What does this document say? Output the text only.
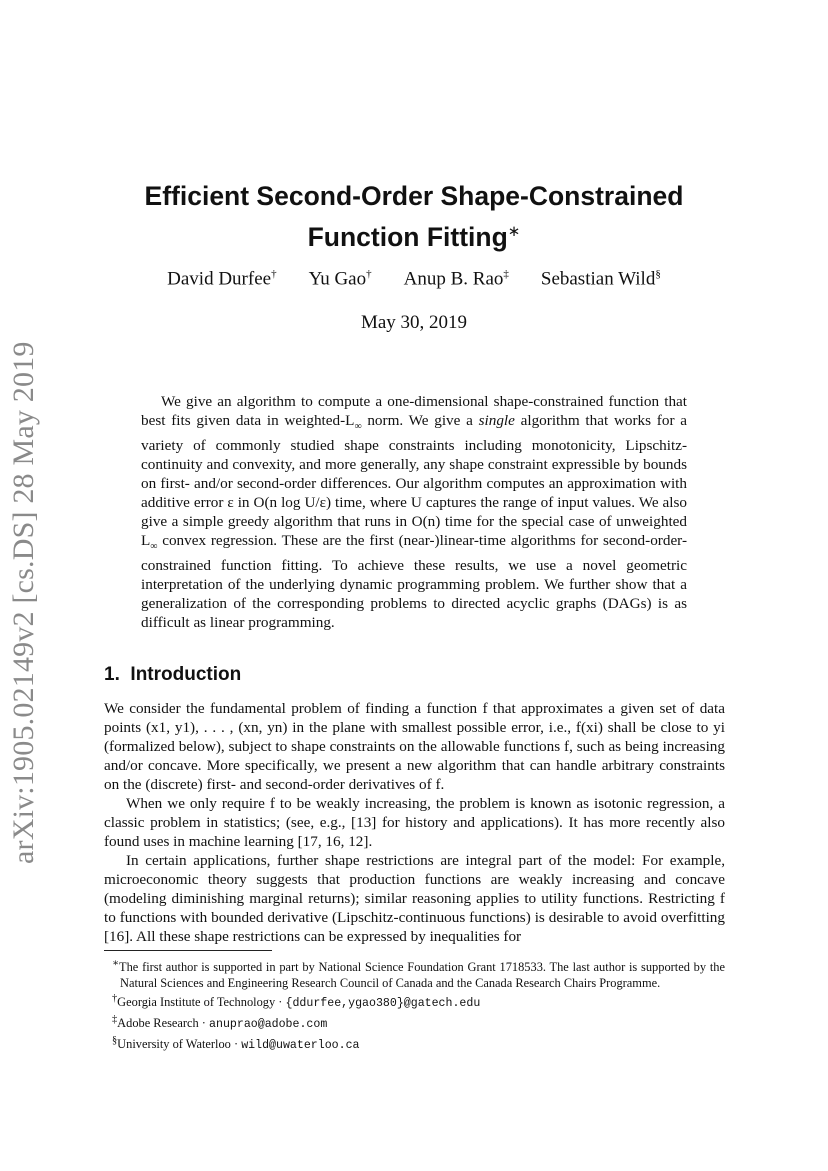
arXiv:1905.02149v2 [cs.DS] 28 May 2019
Efficient Second-Order Shape-Constrained
Function Fitting∗
David Durfee† Yu Gao† Anup B. Rao‡ Sebastian Wild§
May 30, 2019
We give an algorithm to compute a one-dimensional shape-constrained function that best fits given data in weighted-$L_\infty$ norm. We give a single algorithm that works for a variety of commonly studied shape constraints including monotonicity, Lipschitz-continuity and convexity, and more generally, any shape constraint expressible by bounds on first- and/or second-order differences. Our algorithm computes an approximation with additive error ε in O(n log U/ε) time, where U captures the range of input values. We also give a simple greedy algorithm that runs in O(n) time for the special case of unweighted $L_\infty$ convex regression. These are the first (near-)linear-time algorithms for second-order-constrained function fitting. To achieve these results, we use a novel geometric interpretation of the underlying dynamic programming problem. We further show that a generalization of the corresponding problems to directed acyclic graphs (DAGs) is as difficult as linear programming.
1. Introduction

We consider the fundamental problem of finding a function f that approximates a given set of data points (x1, y1), . . . , (xn, yn) in the plane with smallest possible error, i.e., f(xi) shall be close to yi (formalized below), subject to shape constraints on the allowable functions f, such as being increasing and/or concave. More specifically, we present a new algorithm that can handle arbitrary constraints on the (discrete) first- and second-order derivatives of f.

When we only require f to be weakly increasing, the problem is known as isotonic regression, a classic problem in statistics; (see, e.g., [13] for history and applications). It has more recently also found uses in machine learning [17, 16, 12].

In certain applications, further shape restrictions are integral part of the model: For example, microeconomic theory suggests that production functions are weakly increasing and concave (modeling diminishing marginal returns); similar reasoning applies to utility functions. Restricting f to functions with bounded derivative (Lipschitz-continuous functions) is desirable to avoid overfitting [16]. All these shape restrictions can be expressed by inequalities for

∗The first author is supported in part by National Science Foundation Grant 1718533. The last author is supported by the Natural Sciences and Engineering Research Council of Canada and the Canada Research Chairs Programme.

†Georgia Institute of Technology · {ddurfee,ygao380}@gatech.edu

‡Adobe Research · anuprao@adobe.com

§University of Waterloo · wild@uwaterloo.ca
